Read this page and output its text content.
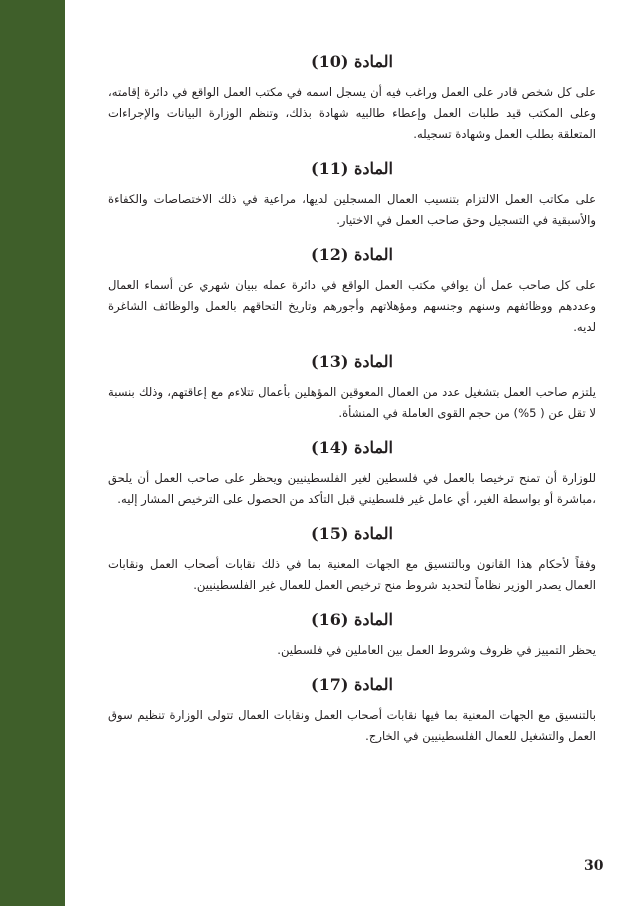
المادة (10)

على كل شخص قادر على العمل وراغب فيه أن يسجل اسمه في مكتب العمل الواقع في دائرة إقامته، وعلى المكتب قيد طلبات العمل وإعطاء طالبيه شهادة بذلك، وتنظم الوزارة البيانات والإجراءات المتعلقة بطلب العمل وشهادة تسجيله.

المادة (11)

على مكاتب العمل الالتزام بتنسيب العمال المسجلين لديها، مراعية في ذلك الاختصاصات والكفاءة والأسبقية في التسجيل وحق صاحب العمل في الاختيار.

المادة (12)

على كل صاحب عمل أن يوافي مكتب العمل الواقع في دائرة عمله ببيان شهري عن أسماء العمال وعددهم ووظائفهم وسنهم وجنسهم ومؤهلاتهم وأجورهم وتاريخ التحاقهم بالعمل والوظائف الشاغرة لديه.

المادة (13)

يلتزم صاحب العمل بتشغيل عدد من العمال المعوقين المؤهلين بأعمال تتلاءم مع إعاقتهم، وذلك بنسبة لا تقل عن ( 5%) من حجم القوى العاملة في المنشأة.

المادة (14)

للوزارة أن تمنح ترخيصا بالعمل في فلسطين لغير الفلسطينيين ويحظر على صاحب العمل أن يلحق ،مباشرة أو بواسطة الغير، أي عامل غير فلسطيني قبل التأكد من الحصول على الترخيص المشار إليه.

المادة (15)

وفقاً لأحكام هذا القانون وبالتنسيق مع الجهات المعنية بما في ذلك نقابات أصحاب العمل ونقابات العمال يصدر الوزير نظاماً لتحديد شروط منح ترخيص العمل للعمال غير الفلسطينيين.

المادة (16)

يحظر التمييز في ظروف وشروط العمل بين العاملين في فلسطين.

المادة (17)

بالتنسيق مع الجهات المعنية بما فيها نقابات أصحاب العمل ونقابات العمال تتولى الوزارة تنظيم سوق العمل والتشغيل للعمال الفلسطينيين في الخارج.

30
